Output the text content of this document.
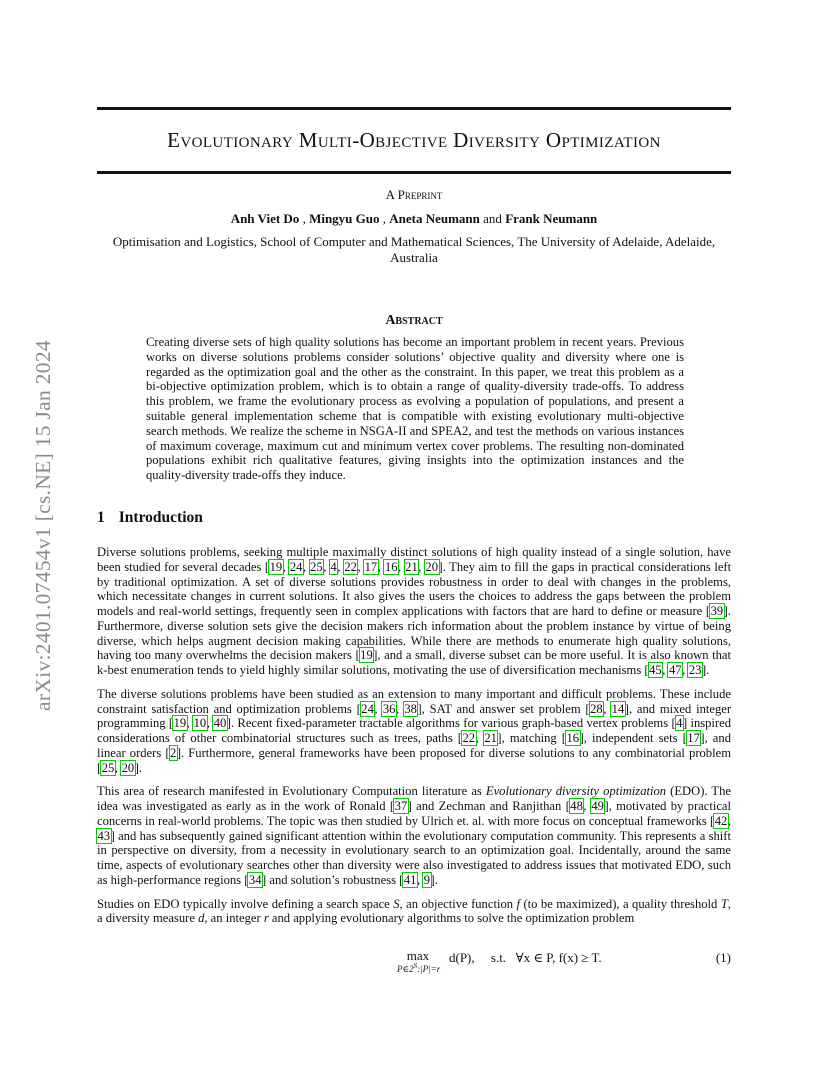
arXiv:2401.07454v1 [cs.NE] 15 Jan 2024
Evolutionary Multi-Objective Diversity Optimization
A Preprint
Anh Viet Do , Mingyu Guo , Aneta Neumann and Frank Neumann
Optimisation and Logistics, School of Computer and Mathematical Sciences, The University of Adelaide, Adelaide, Australia
Abstract
Creating diverse sets of high quality solutions has become an important problem in recent years. Previous works on diverse solutions problems consider solutions’ objective quality and diversity where one is regarded as the optimization goal and the other as the constraint. In this paper, we treat this problem as a bi-objective optimization problem, which is to obtain a range of quality-diversity trade-offs. To address this problem, we frame the evolutionary process as evolving a population of populations, and present a suitable general implementation scheme that is compatible with existing evolutionary multi-objective search methods. We realize the scheme in NSGA-II and SPEA2, and test the methods on various instances of maximum coverage, maximum cut and minimum vertex cover problems. The resulting non-dominated populations exhibit rich qualitative features, giving insights into the optimization instances and the quality-diversity trade-offs they induce.
1 Introduction

Diverse solutions problems, seeking multiple maximally distinct solutions of high quality instead of a single solution, have been studied for several decades [19, 24, 25, 4, 22, 17, 16, 21, 20]. They aim to fill the gaps in practical considerations left by traditional optimization. A set of diverse solutions provides robustness in order to deal with changes in the problems, which necessitate changes in current solutions. It also gives the users the choices to address the gaps between the problem models and real-world settings, frequently seen in complex applications with factors that are hard to define or measure [39]. Furthermore, diverse solution sets give the decision makers rich information about the problem instance by virtue of being diverse, which helps augment decision making capabilities. While there are methods to enumerate high quality solutions, having too many overwhelms the decision makers [19], and a small, diverse subset can be more useful. It is also known that k-best enumeration tends to yield highly similar solutions, motivating the use of diversification mechanisms [45, 47, 23].

The diverse solutions problems have been studied as an extension to many important and difficult problems. These include constraint satisfaction and optimization problems [24, 36, 38], SAT and answer set problem [28, 14], and mixed integer programming [19, 10, 40]. Recent fixed-parameter tractable algorithms for various graph-based vertex problems [4] inspired considerations of other combinatorial structures such as trees, paths [22, 21], matching [16], independent sets [17], and linear orders [2]. Furthermore, general frameworks have been proposed for diverse solutions to any combinatorial problem [25, 20].

This area of research manifested in Evolutionary Computation literature as Evolutionary diversity optimization (EDO). The idea was investigated as early as in the work of Ronald [37] and Zechman and Ranjithan [48, 49], motivated by practical concerns in real-world problems. The topic was then studied by Ulrich et. al. with more focus on conceptual frameworks [42, 43] and has subsequently gained significant attention within the evolutionary computation community. This represents a shift in perspective on diversity, from a necessity in evolutionary search to an optimization goal. Incidentally, around the same time, aspects of evolutionary searches other than diversity were also investigated to address issues that motivated EDO, such as high-performance regions [34] and solution’s robustness [41, 9].

Studies on EDO typically involve defining a search space S, an objective function f (to be maximized), a quality threshold T, a diversity measure d, an integer r and applying evolutionary algorithms to solve the optimization problem

max
$P\in 2^S:|P|=r$
d(P),     s.t.   ∀x ∈ P, f(x) ≥ T.	(1)
